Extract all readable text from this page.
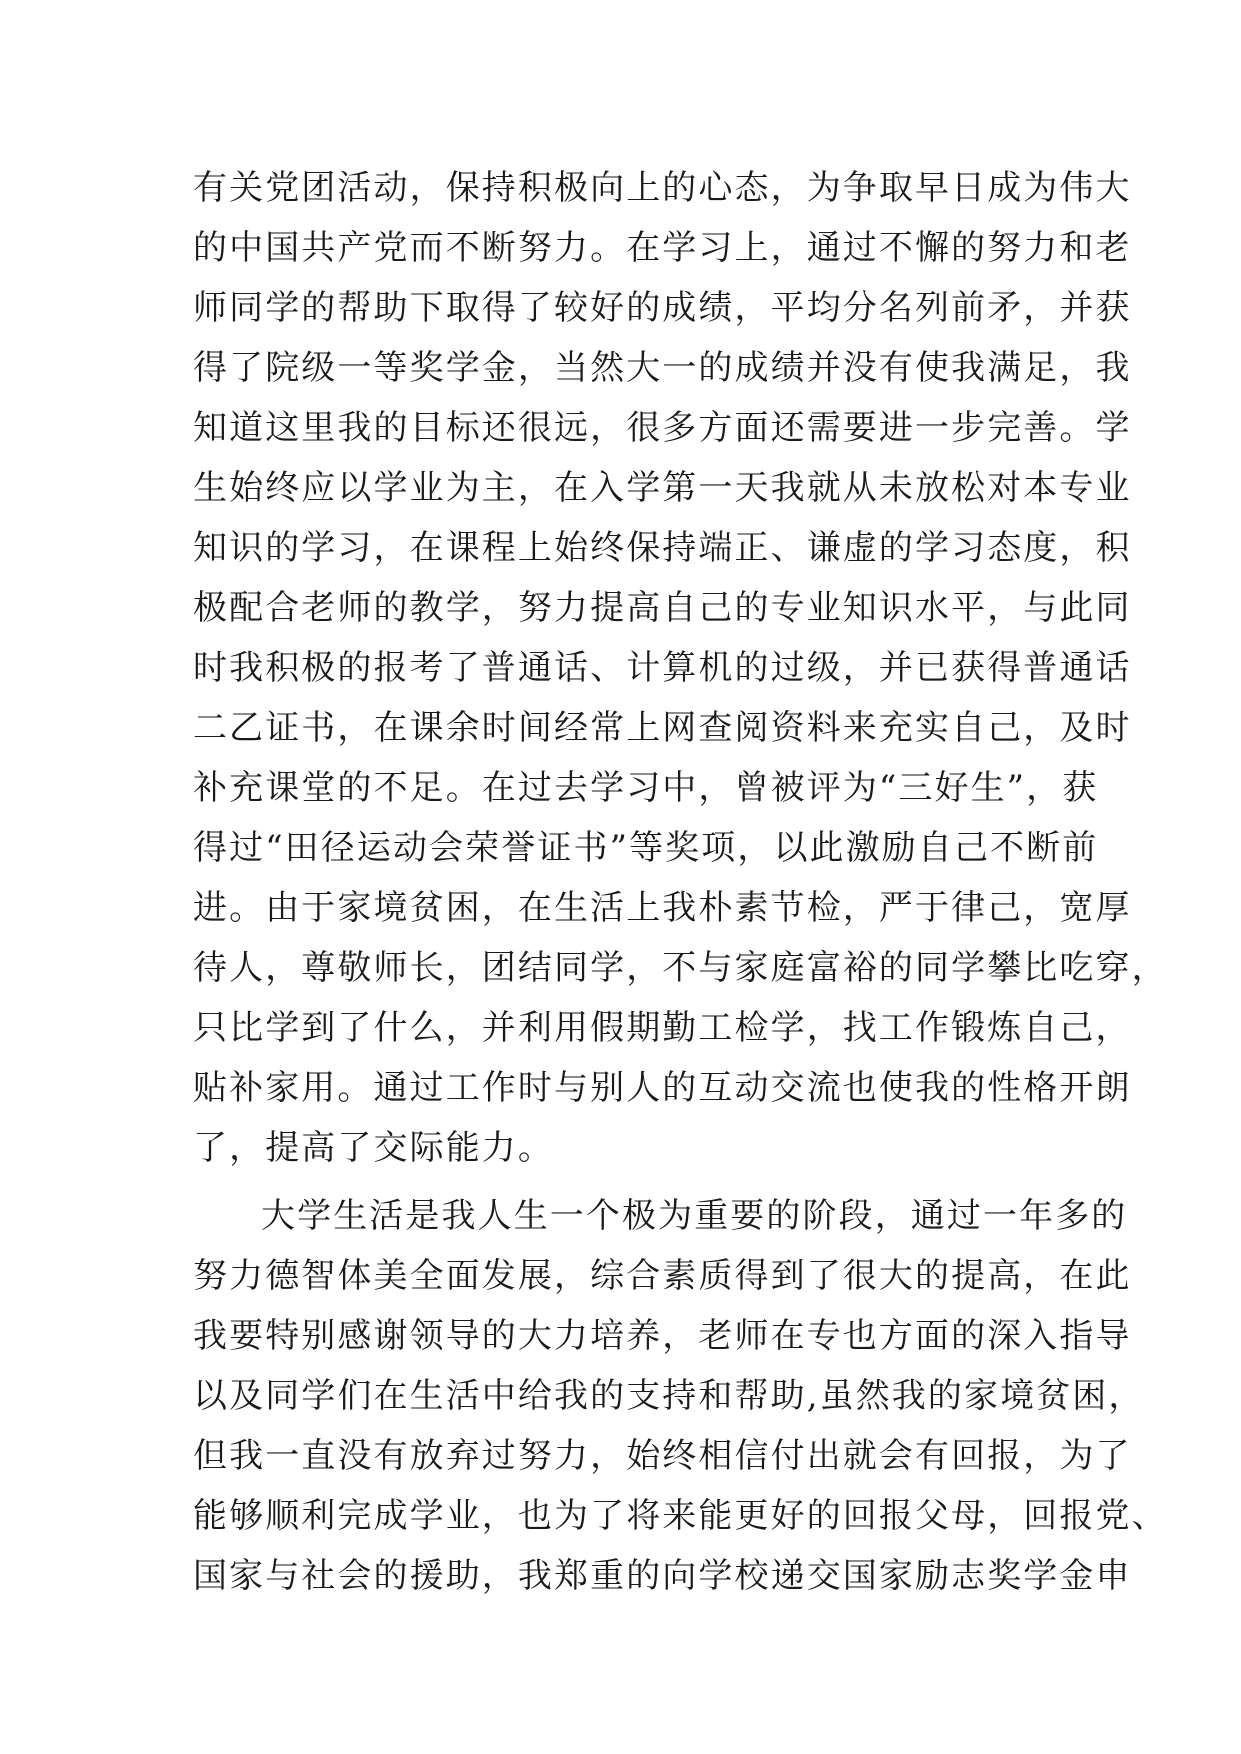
有关党团活动，保持积极向上的心态，为争取早日成为伟大
的中国共产党而不断努力。在学习上，通过不懈的努力和老
师同学的帮助下取得了较好的成绩，平均分名列前矛，并获
得了院级一等奖学金，当然大一的成绩并没有使我满足，我
知道这里我的目标还很远，很多方面还需要进一步完善。学
生始终应以学业为主，在入学第一天我就从未放松对本专业
知识的学习，在课程上始终保持端正、谦虚的学习态度，积
极配合老师的教学，努力提高自己的专业知识水平，与此同
时我积极的报考了普通话、计算机的过级，并已获得普通话
二乙证书，在课余时间经常上网查阅资料来充实自己，及时
补充课堂的不足。在过去学习中，曾被评为“三好生”，获
得过“田径运动会荣誉证书”等奖项，以此激励自己不断前
进。由于家境贫困，在生活上我朴素节检，严于律己，宽厚
待人，尊敬师长，团结同学，不与家庭富裕的同学攀比吃穿，
只比学到了什么，并利用假期勤工检学，找工作锻炼自己，
贴补家用。通过工作时与别人的互动交流也使我的性格开朗
了，提高了交际能力。
大学生活是我人生一个极为重要的阶段，通过一年多的
努力德智体美全面发展，综合素质得到了很大的提高，在此
我要特别感谢领导的大力培养，老师在专也方面的深入指导
以及同学们在生活中给我的支持和帮助,虽然我的家境贫困，
但我一直没有放弃过努力，始终相信付出就会有回报，为了
能够顺利完成学业，也为了将来能更好的回报父母，回报党、
国家与社会的援助，我郑重的向学校递交国家励志奖学金申
